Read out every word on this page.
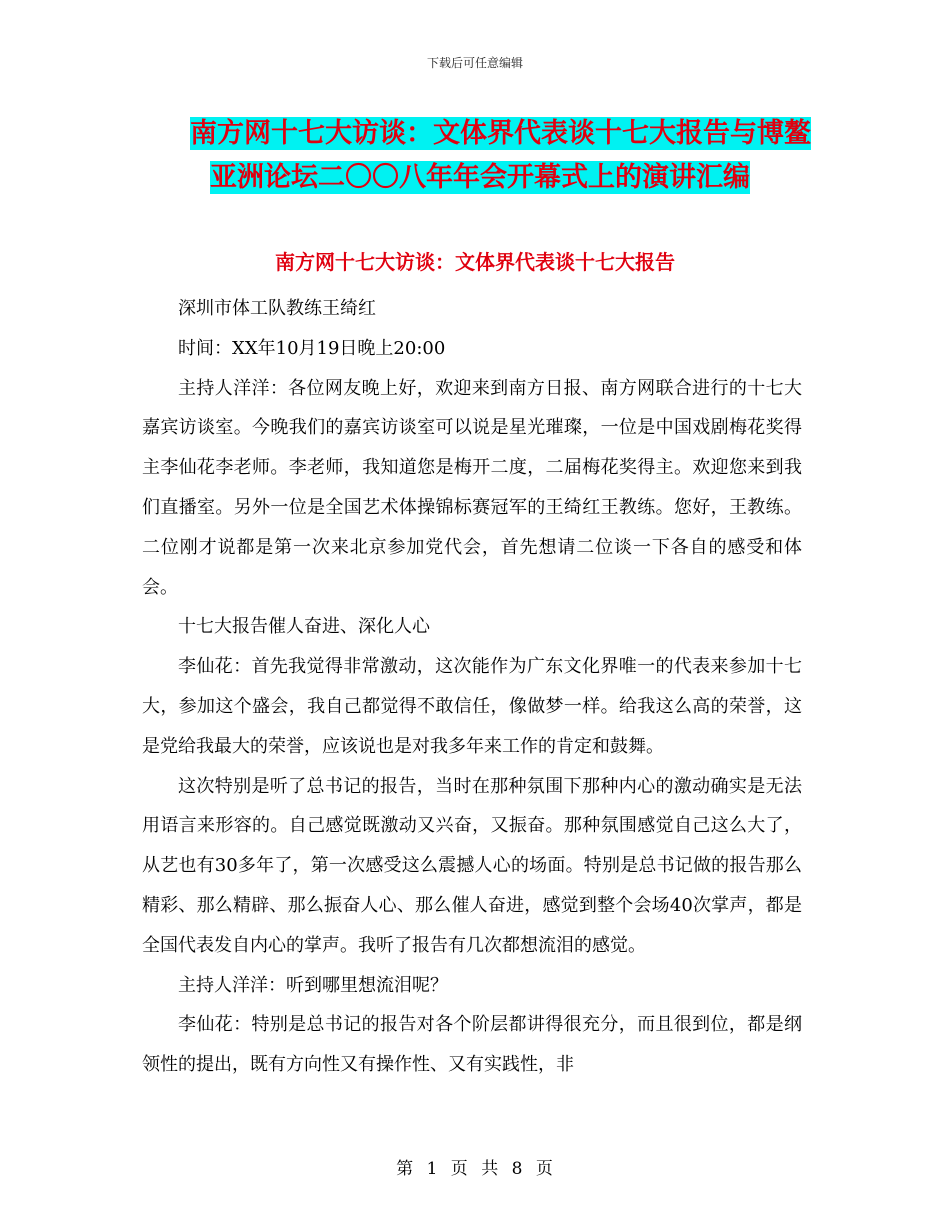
下载后可任意编辑
南方网十七大访谈：文体界代表谈十七大报告与博鳌
亚洲论坛二〇〇八年年会开幕式上的演讲汇编
南方网十七大访谈：文体界代表谈十七大报告

深圳市体工队教练王绮红

时间：XX年10月19日晚上20:00

主持人洋洋：各位网友晚上好，欢迎来到南方日报、南方网联合进行的十七大嘉宾访谈室。今晚我们的嘉宾访谈室可以说是星光璀璨，一位是中国戏剧梅花奖得主李仙花李老师。李老师，我知道您是梅开二度，二届梅花奖得主。欢迎您来到我们直播室。另外一位是全国艺术体操锦标赛冠军的王绮红王教练。您好，王教练。二位刚才说都是第一次来北京参加党代会，首先想请二位谈一下各自的感受和体会。

十七大报告催人奋进、深化人心

李仙花：首先我觉得非常激动，这次能作为广东文化界唯一的代表来参加十七大，参加这个盛会，我自己都觉得不敢信任，像做梦一样。给我这么高的荣誉，这是党给我最大的荣誉，应该说也是对我多年来工作的肯定和鼓舞。

这次特别是听了总书记的报告，当时在那种氛围下那种内心的激动确实是无法用语言来形容的。自己感觉既激动又兴奋，又振奋。那种氛围感觉自己这么大了，从艺也有30多年了，第一次感受这么震撼人心的场面。特别是总书记做的报告那么精彩、那么精辟、那么振奋人心、那么催人奋进，感觉到整个会场40次掌声，都是全国代表发自内心的掌声。我听了报告有几次都想流泪的感觉。

主持人洋洋：听到哪里想流泪呢？

李仙花：特别是总书记的报告对各个阶层都讲得很充分，而且很到位，都是纲领性的提出，既有方向性又有操作性、又有实践性，非

第 1 页 共 8 页
